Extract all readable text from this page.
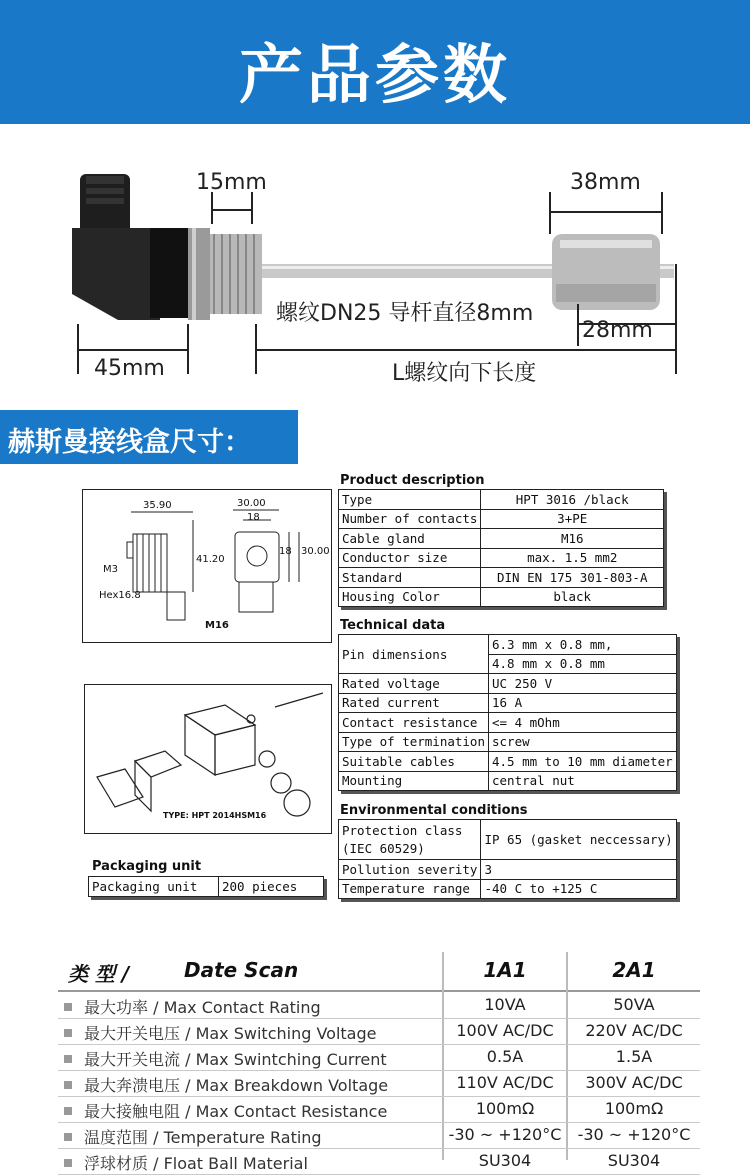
产品参数
15mm	38mm
螺纹DN25 导杆直径8mm
28mm
45mm	L螺纹向下长度
赫斯曼接线盒尺寸：
35.90	30.00
18
41.20
18 30.00
M3
Hex16.8
M16
TYPE: HPT 2014HSM16
Product description
Type	HPT 3016 /black
Number of contacts	3+PE
Cable gland	M16
Conductor size	max. 1.5 mm2
Standard	DIN EN 175 301-803-A
Housing Color	black
Technical data
Pin dimensions	6.3 mm x 0.8 mm,
	4.8 mm x 0.8 mm
Rated voltage	UC 250 V
Rated current	16 A
Contact resistance	<= 4 mOhm
Type of termination	screw
Suitable cables	4.5 mm to 10 mm diameter
Mounting	central nut
Environmental conditions
Protection class
(IEC 60529)	IP 65 (gasket neccessary)
Pollution severity	3
Temperature range	-40 C to +125 C
Packaging unit
Packaging unit	200 pieces
类 型 /	Date Scan	1A1	2A1
最大功率 / Max Contact Rating	10VA	50VA
最大开关电压 / Max Switching Voltage	100V AC/DC	220V AC/DC
最大开关电流 / Max Swintching Current	0.5A	1.5A
最大奔溃电压 / Max Breakdown Voltage	110V AC/DC	300V AC/DC
最大接触电阻 / Max Contact Resistance	100mΩ	100mΩ
温度范围 / Temperature Rating	-30 ~ +120°C	-30 ~ +120°C
浮球材质 / Float Ball Material	SU304	SU304
